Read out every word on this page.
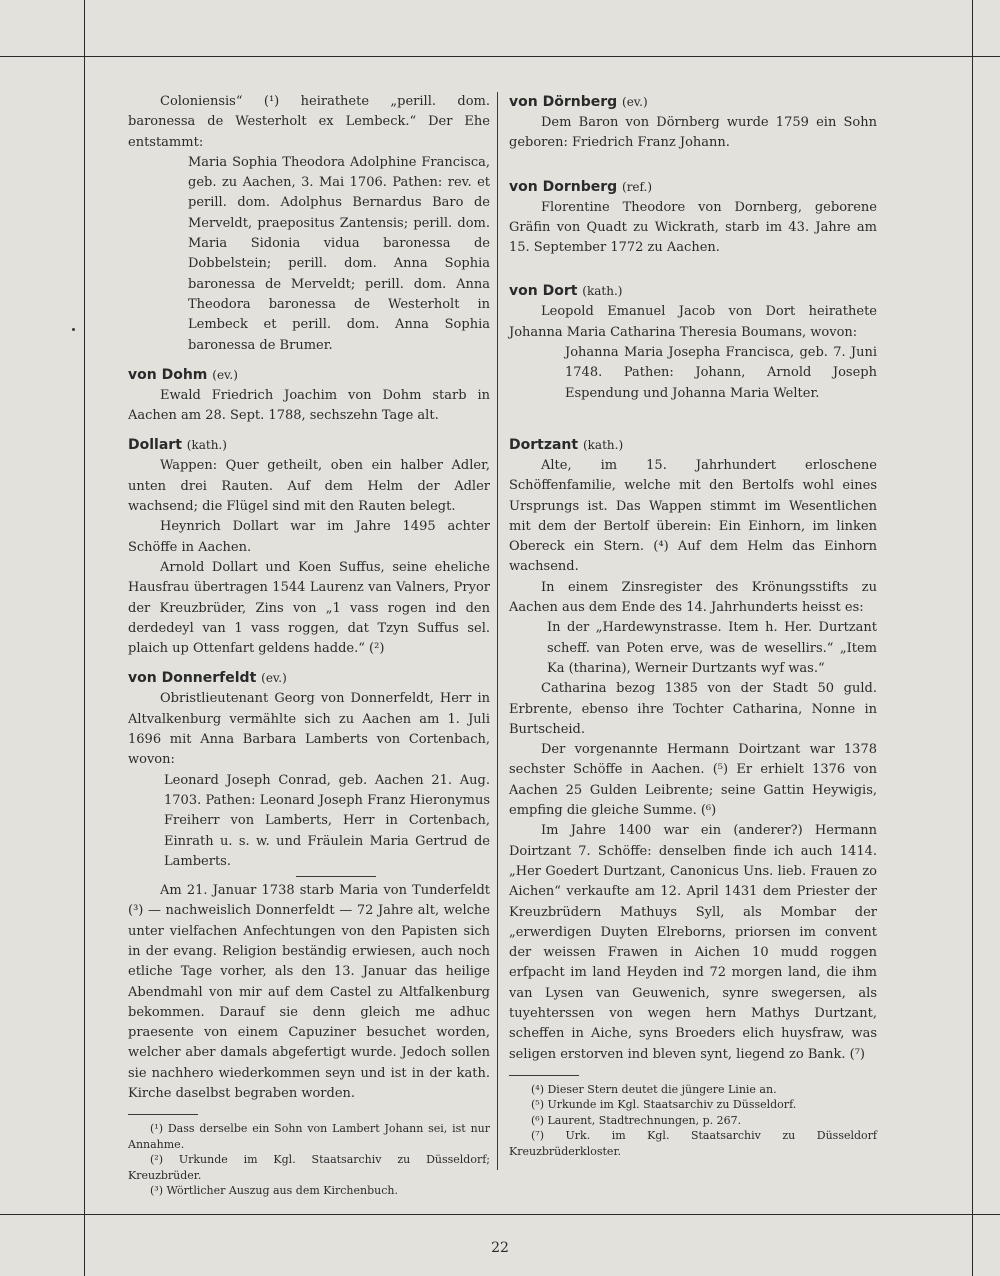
Coloniensis“ (¹) heirathete „perill. dom. baronessa de Westerholt ex Lembeck.“ Der Ehe entstammt:

Maria Sophia Theodora Adolphine Francisca, geb. zu Aachen, 3. Mai 1706. Pathen: rev. et perill. dom. Adolphus Bernardus Baro de Merveldt, praepositus Zantensis; perill. dom. Maria Sidonia vidua baronessa de Dobbelstein; perill. dom. Anna Sophia baronessa de Merveldt; perill. dom. Anna Theodora baronessa de Westerholt in Lembeck et perill. dom. Anna Sophia baronessa de Brumer.

von Dohm (ev.)

Ewald Friedrich Joachim von Dohm starb in Aachen am 28. Sept. 1788, sechszehn Tage alt.

Dollart (kath.)

Wappen: Quer getheilt, oben ein halber Adler, unten drei Rauten. Auf dem Helm der Adler wachsend; die Flügel sind mit den Rauten belegt.

Heynrich Dollart war im Jahre 1495 achter Schöffe in Aachen.

Arnold Dollart und Koen Suffus, seine eheliche Hausfrau übertragen 1544 Laurenz van Valners, Pryor der Kreuzbrüder, Zins von „1 vass rogen ind den derdedeyl van 1 vass roggen, dat Tzyn Suffus sel. plaich up Ottenfart geldens hadde.“ (²)

von Donnerfeldt (ev.)

Obristlieutenant Georg von Donnerfeldt, Herr in Altvalkenburg vermählte sich zu Aachen am 1. Juli 1696 mit Anna Barbara Lamberts von Cortenbach, wovon:

Leonard Joseph Conrad, geb. Aachen 21. Aug. 1703. Pathen: Leonard Joseph Franz Hieronymus Freiherr von Lamberts, Herr in Cortenbach, Einrath u. s. w. und Fräulein Maria Gertrud de Lamberts.

Am 21. Januar 1738 starb Maria von Tunderfeldt (³) — nachweislich Donnerfeldt — 72 Jahre alt, welche unter vielfachen Anfechtungen von den Papisten sich in der evang. Religion beständig erwiesen, auch noch etliche Tage vorher, als den 13. Januar das heilige Abendmahl von mir auf dem Castel zu Altfalkenburg bekommen. Darauf sie denn gleich me adhuc praesente von einem Capuziner besuchet worden, welcher aber damals abgefertigt wurde. Jedoch sollen sie nachhero wiederkommen seyn und ist in der kath. Kirche daselbst begraben worden.

(¹) Dass derselbe ein Sohn von Lambert Johann sei, ist nur Annahme.

(²) Urkunde im Kgl. Staatsarchiv zu Düsseldorf; Kreuzbrüder.

(³) Wörtlicher Auszug aus dem Kirchenbuch.

von Dörnberg (ev.)

Dem Baron von Dörnberg wurde 1759 ein Sohn geboren: Friedrich Franz Johann.

von Dornberg (ref.)

Florentine Theodore von Dornberg, geborene Gräfin von Quadt zu Wickrath, starb im 43. Jahre am 15. September 1772 zu Aachen.

von Dort (kath.)

Leopold Emanuel Jacob von Dort heirathete Johanna Maria Catharina Theresia Boumans, wovon:

Johanna Maria Josepha Francisca, geb. 7. Juni 1748. Pathen: Johann, Arnold Joseph Espendung und Johanna Maria Welter.

Dortzant (kath.)

Alte, im 15. Jahrhundert erloschene Schöffenfamilie, welche mit den Bertolfs wohl eines Ursprungs ist. Das Wappen stimmt im Wesentlichen mit dem der Bertolf überein: Ein Einhorn, im linken Obereck ein Stern. (⁴) Auf dem Helm das Einhorn wachsend.

In einem Zinsregister des Krönungsstifts zu Aachen aus dem Ende des 14. Jahrhunderts heisst es:

In der „Hardewynstrasse. Item h. Her. Durtzant scheff. van Poten erve, was de wesellirs.“ „Item Ka (tharina), Werneir Durtzants wyf was.“

Catharina bezog 1385 von der Stadt 50 guld. Erbrente, ebenso ihre Tochter Catharina, Nonne in Burtscheid.

Der vorgenannte Hermann Doirtzant war 1378 sechster Schöffe in Aachen. (⁵) Er erhielt 1376 von Aachen 25 Gulden Leibrente; seine Gattin Heywigis, empfing die gleiche Summe. (⁶)

Im Jahre 1400 war ein (anderer?) Hermann Doirtzant 7. Schöffe: denselben finde ich auch 1414. „Her Goedert Durtzant, Canonicus Uns. lieb. Frauen zo Aichen“ verkaufte am 12. April 1431 dem Priester der Kreuzbrüdern Mathuys Syll, als Mombar der „erwerdigen Duyten Elreborns, priorsen im convent der weissen Frawen in Aichen 10 mudd roggen erfpacht im land Heyden ind 72 morgen land, die ihm van Lysen van Geuwenich, synre swegersen, als tuyehterssen von wegen hern Mathys Durtzant, scheffen in Aiche, syns Broeders elich huysfraw, was seligen erstorven ind bleven synt, liegend zo Bank. (⁷)

(⁴) Dieser Stern deutet die jüngere Linie an.

(⁵) Urkunde im Kgl. Staatsarchiv zu Düsseldorf.

(⁶) Laurent, Stadtrechnungen, p. 267.

(⁷) Urk. im Kgl. Staatsarchiv zu Düsseldorf Kreuzbrüderkloster.

22
